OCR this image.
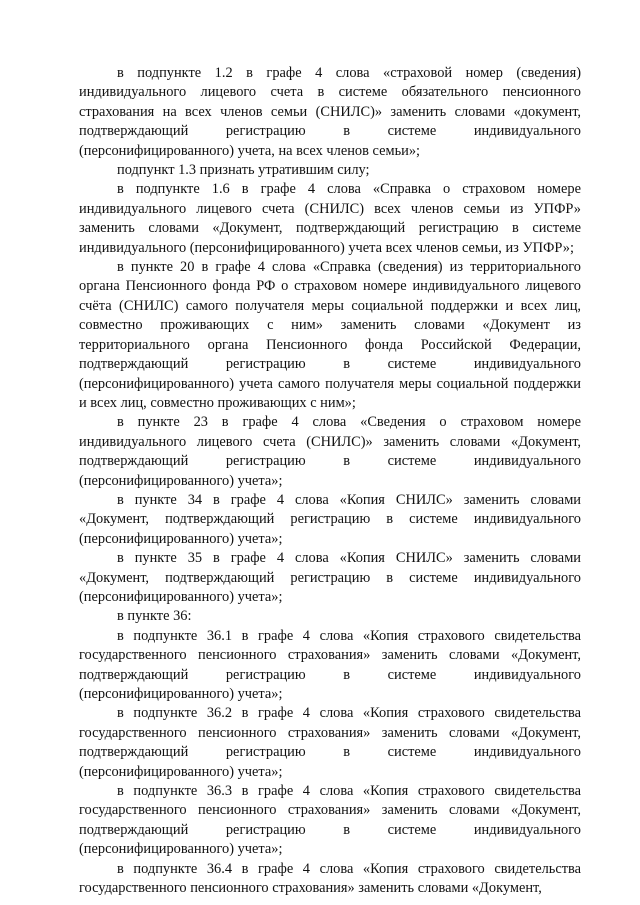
в подпункте 1.2 в графе 4 слова «страховой номер (сведения) индивидуального лицевого счета в системе обязательного пенсионного страхования на всех членов семьи (СНИЛС)» заменить словами «документ, подтверждающий регистрацию в системе индивидуального (персонифицированного) учета, на всех членов семьи»;

подпункт 1.3 признать утратившим силу;

в подпункте 1.6 в графе 4 слова «Справка о страховом номере индивидуального лицевого счета (СНИЛС) всех членов семьи из УПФР» заменить словами «Документ, подтверждающий регистрацию в системе индивидуального (персонифицированного) учета всех членов семьи, из УПФР»;

в пункте 20 в графе 4 слова «Справка (сведения) из территориального органа Пенсионного фонда РФ о страховом номере индивидуального лицевого счёта (СНИЛС) самого получателя меры социальной поддержки и всех лиц, совместно проживающих с ним» заменить словами «Документ из территориального органа Пенсионного фонда Российской Федерации, подтверждающий регистрацию в системе индивидуального (персонифицированного) учета самого получателя меры социальной поддержки и всех лиц, совместно проживающих с ним»;

в пункте 23 в графе 4 слова «Сведения о страховом номере индивидуального лицевого счета (СНИЛС)» заменить словами «Документ, подтверждающий регистрацию в системе индивидуального (персонифицированного) учета»;

в пункте 34 в графе 4 слова «Копия СНИЛС» заменить словами «Документ, подтверждающий регистрацию в системе индивидуального (персонифицированного) учета»;

в пункте 35 в графе 4 слова «Копия СНИЛС» заменить словами «Документ, подтверждающий регистрацию в системе индивидуального (персонифицированного) учета»;

в пункте 36:

в подпункте 36.1 в графе 4 слова «Копия страхового свидетельства государственного пенсионного страхования» заменить словами «Документ, подтверждающий регистрацию в системе индивидуального (персонифицированного) учета»;

в подпункте 36.2 в графе 4 слова «Копия страхового свидетельства государственного пенсионного страхования» заменить словами «Документ, подтверждающий регистрацию в системе индивидуального (персонифицированного) учета»;

в подпункте 36.3 в графе 4 слова «Копия страхового свидетельства государственного пенсионного страхования» заменить словами «Документ, подтверждающий регистрацию в системе индивидуального (персонифицированного) учета»;

в подпункте 36.4 в графе 4 слова «Копия страхового свидетельства государственного пенсионного страхования» заменить словами «Документ,
